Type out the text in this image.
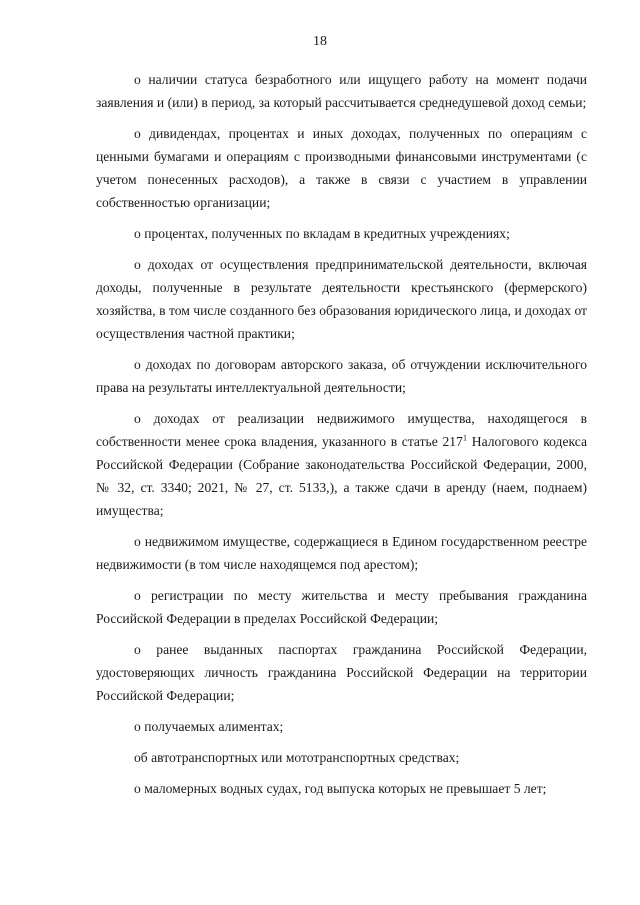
18

о наличии статуса безработного или ищущего работу на момент подачи заявления и (или) в период, за который рассчитывается среднедушевой доход семьи;

о дивидендах, процентах и иных доходах, полученных по операциям с ценными бумагами и операциям с производными финансовыми инструментами (с учетом понесенных расходов), а также в связи с участием в управлении собственностью организации;

о процентах, полученных по вкладам в кредитных учреждениях;

о доходах от осуществления предпринимательской деятельности, включая доходы, полученные в результате деятельности крестьянского (фермерского) хозяйства, в том числе созданного без образования юридического лица, и доходах от осуществления частной практики;

о доходах по договорам авторского заказа, об отчуждении исключительного права на результаты интеллектуальной деятельности;

о доходах от реализации недвижимого имущества, находящегося в собственности менее срока владения, указанного в статье 217$^1$ Налогового кодекса Российской Федерации (Собрание законодательства Российской Федерации, 2000, № 32, ст. 3340; 2021, № 27, ст. 5133,), а также сдачи в аренду (наем, поднаем) имущества;

о недвижимом имуществе, содержащиеся в Едином государственном реестре недвижимости (в том числе находящемся под арестом);

о регистрации по месту жительства и месту пребывания гражданина Российской Федерации в пределах Российской Федерации;

о ранее выданных паспортах гражданина Российской Федерации, удостоверяющих личность гражданина Российской Федерации на территории Российской Федерации;

о получаемых алиментах;

об автотранспортных или мототранспортных средствах;

о маломерных водных судах, год выпуска которых не превышает 5 лет;
